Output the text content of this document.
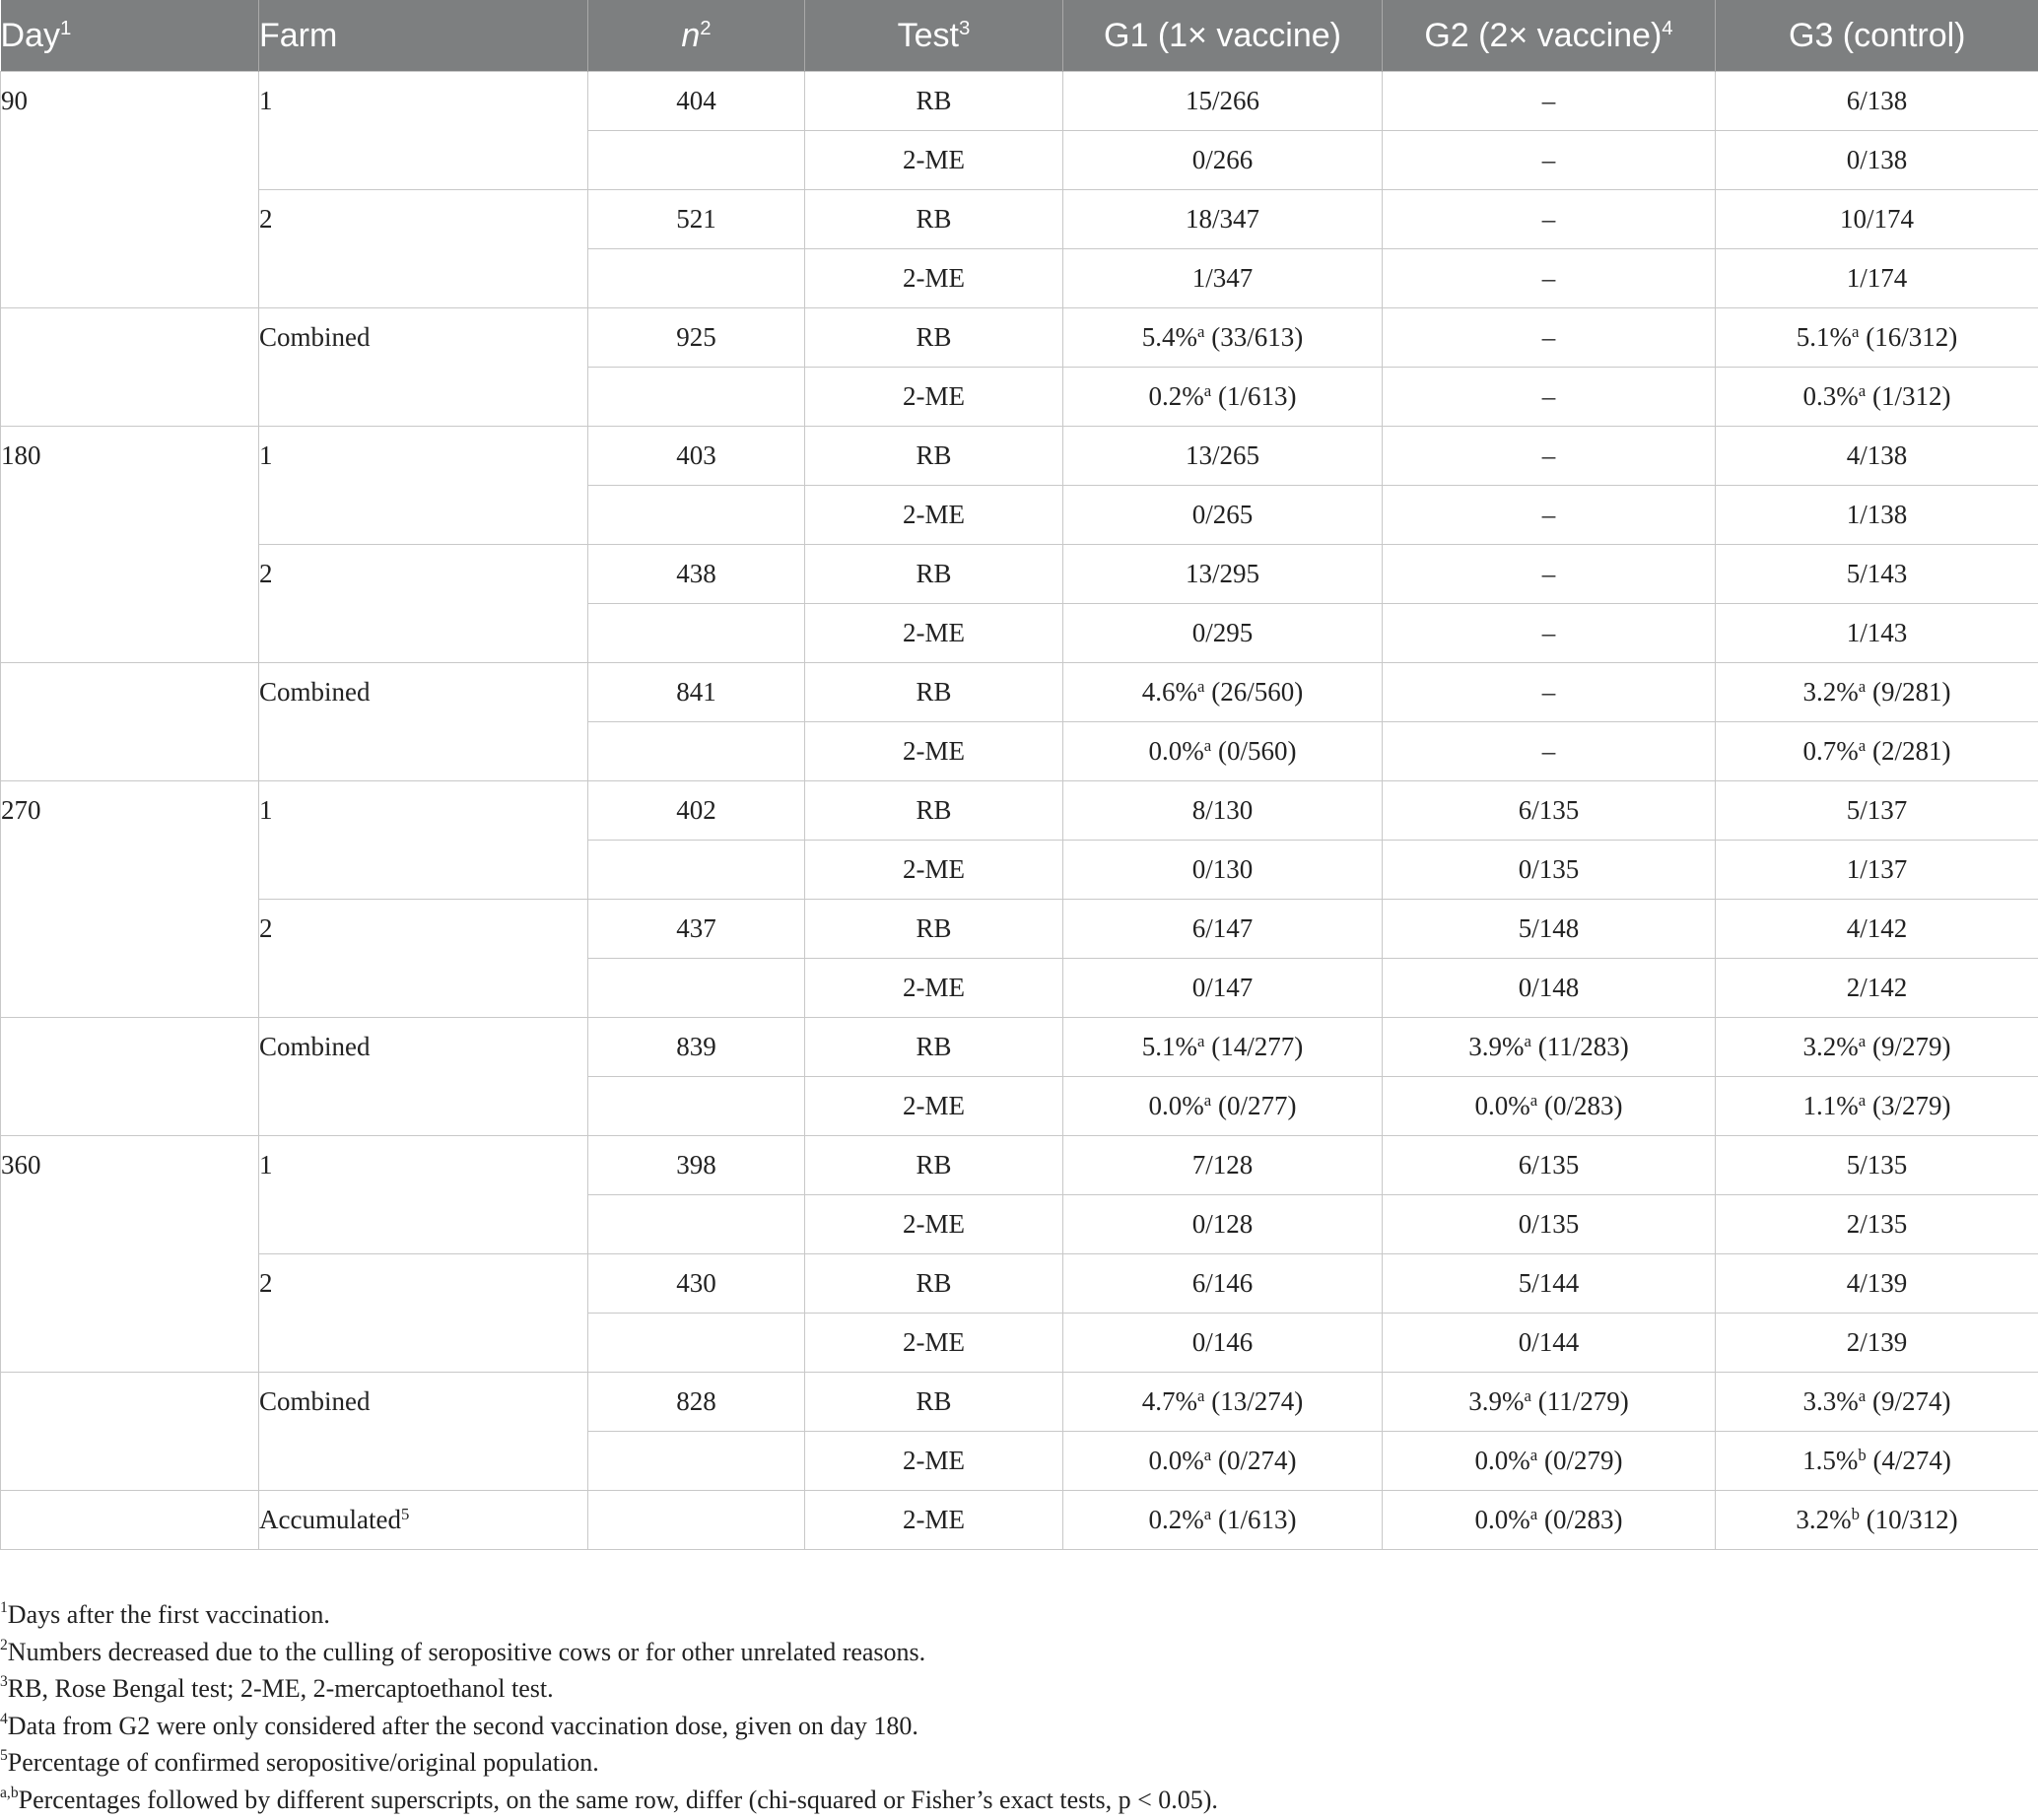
Day$^1$	Farm	$n^2$	Test$^3$	G1 (1× vaccine)	G2 (2× vaccine)$^4$	G3 (control)
90	1	404	RB	15/266	–	6/138
			2-ME	0/266	–	0/138
	2	521	RB	18/347	–	10/174
			2-ME	1/347	–	1/174
	Combined	925	RB	5.4%$^a$ (33/613)	–	5.1%$^a$ (16/312)
			2-ME	0.2%$^a$ (1/613)	–	0.3%$^a$ (1/312)
180	1	403	RB	13/265	–	4/138
			2-ME	0/265	–	1/138
	2	438	RB	13/295	–	5/143
			2-ME	0/295	–	1/143
	Combined	841	RB	4.6%$^a$ (26/560)	–	3.2%$^a$ (9/281)
			2-ME	0.0%$^a$ (0/560)	–	0.7%$^a$ (2/281)
270	1	402	RB	8/130	6/135	5/137
			2-ME	0/130	0/135	1/137
	2	437	RB	6/147	5/148	4/142
			2-ME	0/147	0/148	2/142
	Combined	839	RB	5.1%$^a$ (14/277)	3.9%$^a$ (11/283)	3.2%$^a$ (9/279)
			2-ME	0.0%$^a$ (0/277)	0.0%$^a$ (0/283)	1.1%$^a$ (3/279)
360	1	398	RB	7/128	6/135	5/135
			2-ME	0/128	0/135	2/135
	2	430	RB	6/146	5/144	4/139
			2-ME	0/146	0/144	2/139
	Combined	828	RB	4.7%$^a$ (13/274)	3.9%$^a$ (11/279)	3.3%$^a$ (9/274)
			2-ME	0.0%$^a$ (0/274)	0.0%$^a$ (0/279)	1.5%$^b$ (4/274)
	Accumulated$^5$		2-ME	0.2%$^a$ (1/613)	0.0%$^a$ (0/283)	3.2%$^b$ (10/312)
$^1$Days after the first vaccination.
$^2$Numbers decreased due to the culling of seropositive cows or for other unrelated reasons.
$^3$RB, Rose Bengal test; 2-ME, 2-mercaptoethanol test.
$^4$Data from G2 were only considered after the second vaccination dose, given on day 180.
$^5$Percentage of confirmed seropositive/original population.
$^{a,b}$Percentages followed by different superscripts, on the same row, differ (chi-squared or Fisher’s exact tests, p < 0.05).
